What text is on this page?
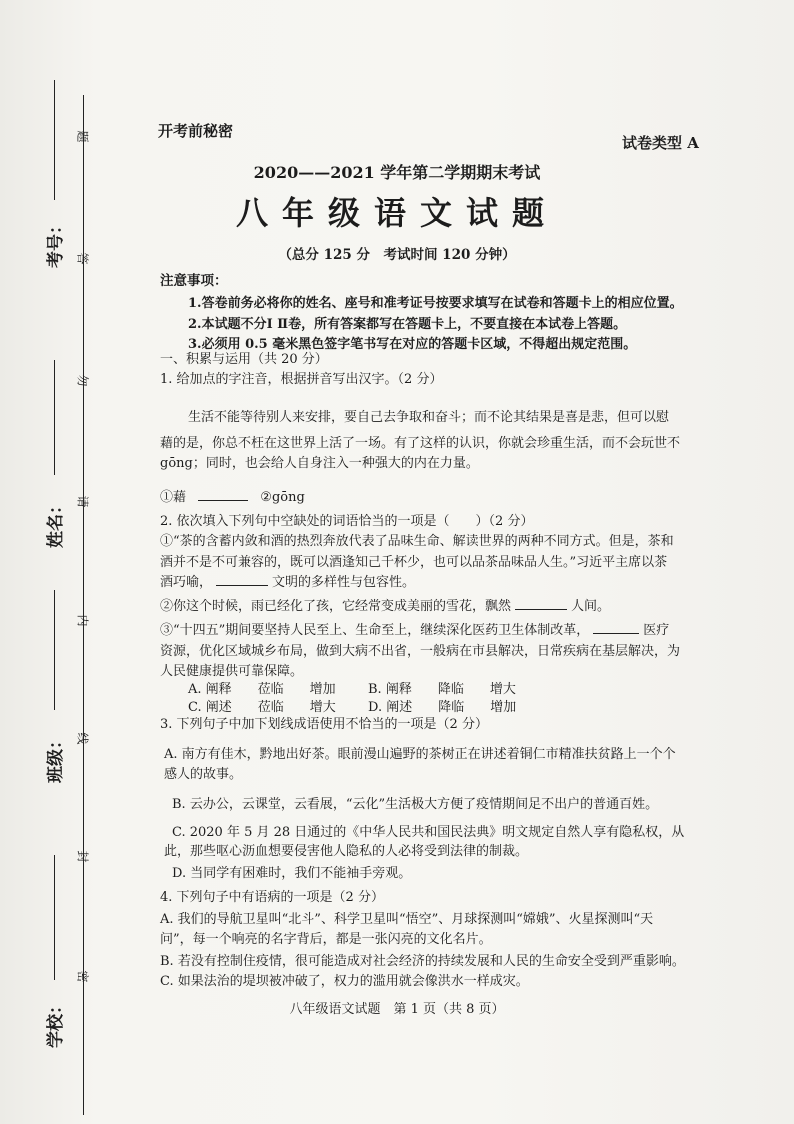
题
答
勿
请
内
线
封
密
考号：
姓名：
班级：
学校：
开考前秘密
试卷类型 A
2020——2021 学年第二学期期末考试
八年级语文试题
（总分 125 分　考试时间 120 分钟）
注意事项：
1.答卷前务必将你的姓名、座号和准考证号按要求填写在试卷和答题卡上的相应位置。
2.本试题不分Ⅰ Ⅱ卷，所有答案都写在答题卡上，不要直接在本试卷上答题。
3.必须用 0.5 毫米黑色签字笔书写在对应的答题卡区域，不得超出规定范围。
一、积累与运用（共 20 分）
1. 给加点的字注音，根据拼音写出汉字。（2 分）
生活不能等待别人来安排，要自己去争取和奋斗；而不论其结果是喜是悲，但可以慰
藉的是，你总不枉在这世界上活了一场。有了这样的认识，你就会珍重生活，而不会玩世不
gōng；同时，也会给人自身注入一种强大的内在力量。
①藉	②gōng
2. 依次填入下列句中空缺处的词语恰当的一项是（　　）（2 分）
①“茶的含蓄内敛和酒的热烈奔放代表了品味生命、解读世界的两种不同方式。但是，茶和
酒并不是不可兼容的，既可以酒逢知己千杯少，也可以品茶品味品人生。”习近平主席以茶
酒巧喻，	文明的多样性与包容性。
②你这个时候，雨已经化了孩，它经常变成美丽的雪花，飘然	人间。
③“十四五”期间要坚持人民至上、生命至上，继续深化医药卫生体制改革，	医疗
资源，优化区域城乡布局，做到大病不出省，一般病在市县解决，日常疾病在基层解决，为
人民健康提供可靠保障。
A. 阐释　　莅临　　增加 B. 阐释　　降临　　增大
C. 阐述　　莅临　　增大 D. 阐述　　降临　　增加
3. 下列句子中加下划线成语使用不恰当的一项是（2 分）
A. 南方有佳木，黔地出好茶。眼前漫山遍野的茶树正在讲述着铜仁市精准扶贫路上一个个
感人的故事。
B. 云办公，云课堂，云看展，“云化”生活极大方便了疫情期间足不出户的普通百姓。
C. 2020 年 5 月 28 日通过的《中华人民共和国民法典》明文规定自然人享有隐私权，从
此，那些呕心沥血想要侵害他人隐私的人必将受到法律的制裁。
D. 当同学有困难时，我们不能袖手旁观。
4. 下列句子中有语病的一项是（2 分）
A. 我们的导航卫星叫“北斗”、科学卫星叫“悟空”、月球探测叫“嫦娥”、火星探测叫“天
问”，每一个响亮的名字背后，都是一张闪亮的文化名片。
B. 若没有控制住疫情，很可能造成对社会经济的持续发展和人民的生命安全受到严重影响。
C. 如果法治的堤坝被冲破了，权力的滥用就会像洪水一样成灾。
八年级语文试题　第 1 页（共 8 页）
